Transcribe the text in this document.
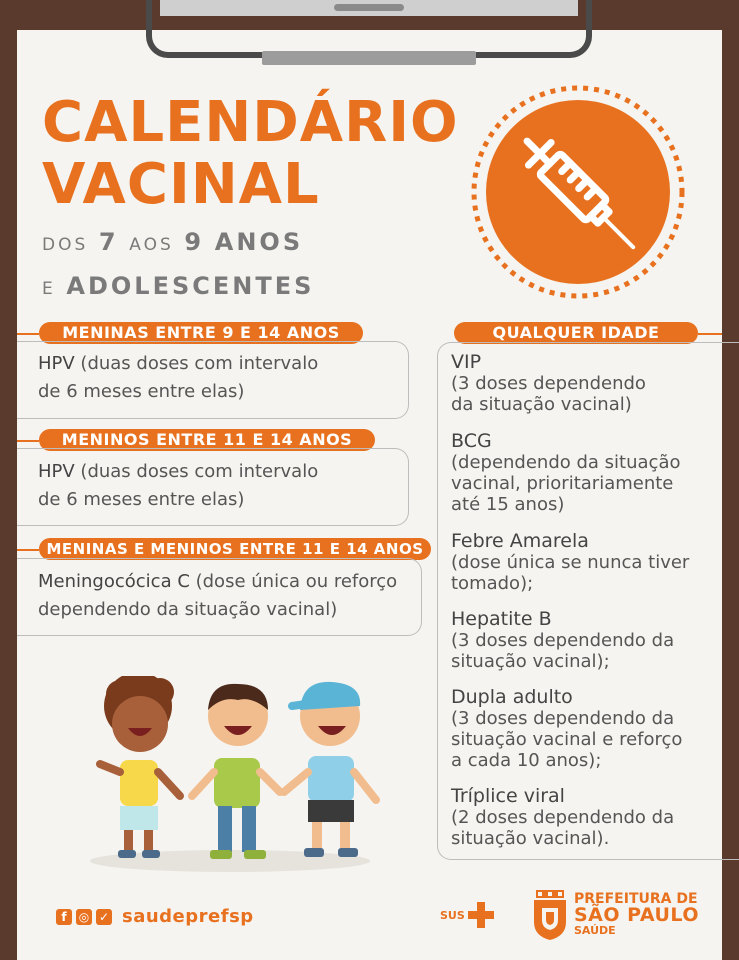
CALENDÁRIO
VACINAL

DOS 7 AOS 9 ANOS

E ADOLESCENTES

MENINAS ENTRE 9 E 14 ANOS

HPV (duas doses com intervalo

de 6 meses entre elas)

MENINOS ENTRE 11 E 14 ANOS

HPV (duas doses com intervalo

de 6 meses entre elas)

MENINAS E MENINOS ENTRE 11 E 14 ANOS

Meningocócica C (dose única ou reforço

dependendo da situação vacinal)

QUALQUER IDADE
VIP
(3 doses dependendo
da situação vacinal)
BCG
(dependendo da situação
vacinal, prioritariamente
até 15 anos)
Febre Amarela
(dose única se nunca tiver
tomado);
Hepatite B
(3 doses dependendo da
situação vacinal);
Dupla adulto
(3 doses dependendo da
situação vacinal e reforço
a cada 10 anos);
Tríplice viral
(2 doses dependendo da
situação vacinal).
f	◎ ✓ saudeprefsp	SUS
PREFEITURA DE
SÃO PAULO
SAÚDE
